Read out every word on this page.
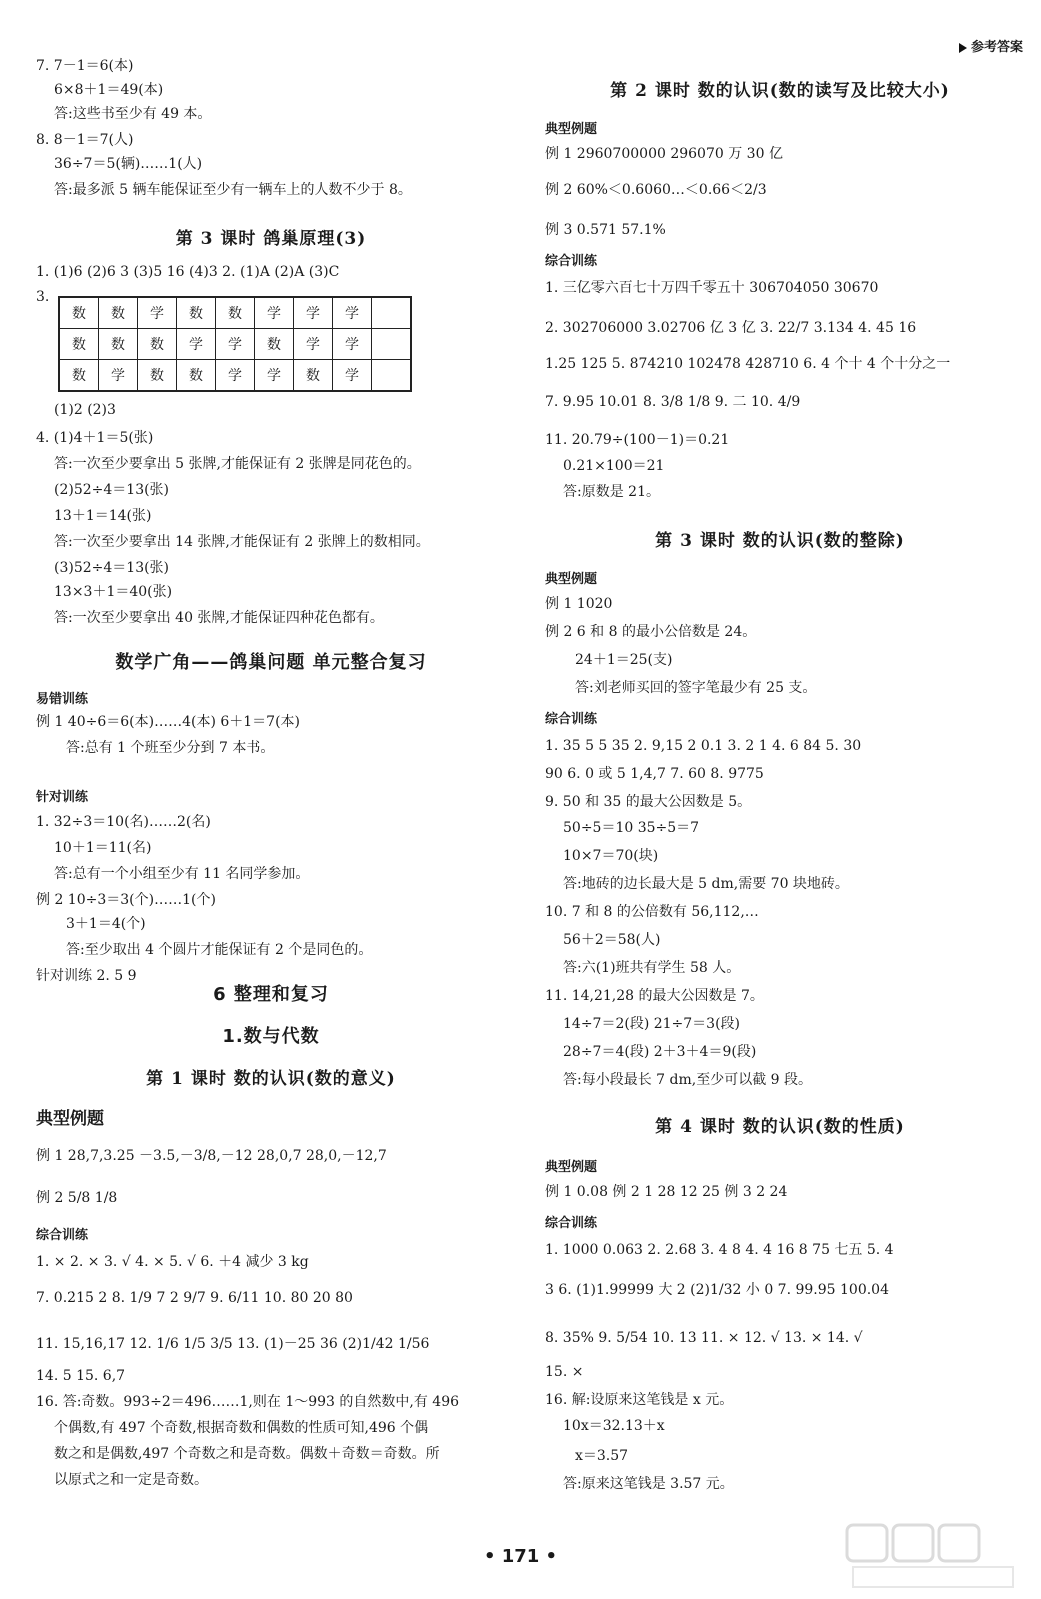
参考答案
第 3 课时 鸽巢原理(3)
数	数	学	数	数	学	学	学	
数	数	数	学	学	数	学	学	
数	学	数	数	学	学	数	学	
数学广角——鸽巢问题 单元整合复习
易错训练
针对训练
6 整理和复习
1.数与代数
第 1 课时 数的认识(数的意义)
典型例题
综合训练
7. 7－1＝6(本)
6×8＋1＝49(本)
答:这些书至少有 49 本。
8. 8－1＝7(人)
36÷7＝5(辆)……1(人)
答:最多派 5 辆车能保证至少有一辆车上的人数不少于 8。
1. (1)6 (2)6 3 (3)5 16 (4)3 2. (1)A (2)A (3)C
3.
(1)2 (2)3
4. (1)4＋1＝5(张)
答:一次至少要拿出 5 张牌,才能保证有 2 张牌是同花色的。
(2)52÷4＝13(张)
13＋1＝14(张)
答:一次至少要拿出 14 张牌,才能保证有 2 张牌上的数相同。
(3)52÷4＝13(张)
13×3＋1＝40(张)
答:一次至少要拿出 40 张牌,才能保证四种花色都有。
例 1 40÷6＝6(本)……4(本) 6＋1＝7(本)
答:总有 1 个班至少分到 7 本书。
1. 32÷3＝10(名)……2(名)
10＋1＝11(名)
答:总有一个小组至少有 11 名同学参加。
例 2 10÷3＝3(个)……1(个)
3＋1＝4(个)
答:至少取出 4 个圆片才能保证有 2 个是同色的。
针对训练 2. 5 9
例 1 28,7,3.25 －3.5,－3/8,－12 28,0,7 28,0,－12,7
例 2 5/8 1/8
1. × 2. × 3. √ 4. × 5. √ 6. ＋4 减少 3 kg
7. 0.2̇15̇ 2 8. 1/9 7 2 9/7 9. 6/11 10. 80 20 80
11. 15,16,17 12. 1/6 1/5 3/5 13. (1)－25 36 (2)1/42 1/56
14. 5 15. 6,7
16. 答:奇数。993÷2＝496……1,则在 1～993 的自然数中,有 496
个偶数,有 497 个奇数,根据奇数和偶数的性质可知,496 个偶
数之和是偶数,497 个奇数之和是奇数。偶数＋奇数＝奇数。所
以原式之和一定是奇数。
第 2 课时 数的认识(数的读写及比较大小)
典型例题
综合训练
第 3 课时 数的认识(数的整除)
典型例题
综合训练
第 4 课时 数的认识(数的性质)
典型例题
综合训练
例 1 2960700000 296070 万 30 亿
例 2 60%＜0.6060…＜0.66＜2/3
例 3 0.571 57.1%
1. 三亿零六百七十万四千零五十 306704050 30670
2. 302706000 3.02706 亿 3 亿 3. 22/7 3.134 4. 45 16
1.25 125 5. 874210 102478 428710 6. 4 个十 4 个十分之一
7. 9.95 10.01 8. 3/8 1/8 9. 二 10. 4/9
11. 20.79÷(100－1)＝0.21
0.21×100＝21
答:原数是 21。
例 1 1020
例 2 6 和 8 的最小公倍数是 24。
24＋1＝25(支)
答:刘老师买回的签字笔最少有 25 支。
1. 35 5 5 35 2. 9,15 2 0.1 3. 2 1 4. 6 84 5. 30
90 6. 0 或 5 1,4,7 7. 60 8. 9775
9. 50 和 35 的最大公因数是 5。
50÷5＝10 35÷5＝7
10×7＝70(块)
答:地砖的边长最大是 5 dm,需要 70 块地砖。
10. 7 和 8 的公倍数有 56,112,…
56＋2＝58(人)
答:六(1)班共有学生 58 人。
11. 14,21,28 的最大公因数是 7。
14÷7＝2(段) 21÷7＝3(段)
28÷7＝4(段) 2＋3＋4＝9(段)
答:每小段最长 7 dm,至少可以截 9 段。
例 1 0.08 例 2 1 28 12 25 例 3 2 24
1. 1000 0.063 2. 2.68 3. 4 8 4. 4 16 8 75 七五 5. 4
3 6. (1)1.99999 大 2 (2)1/32 小 0 7. 99.95 100.04
8. 35% 9. 5/54 10. 13 11. × 12. √ 13. × 14. √
15. ×
16. 解:设原来这笔钱是 x 元。
10x＝32.13＋x
x＝3.57
答:原来这笔钱是 3.57 元。
• 171 •
